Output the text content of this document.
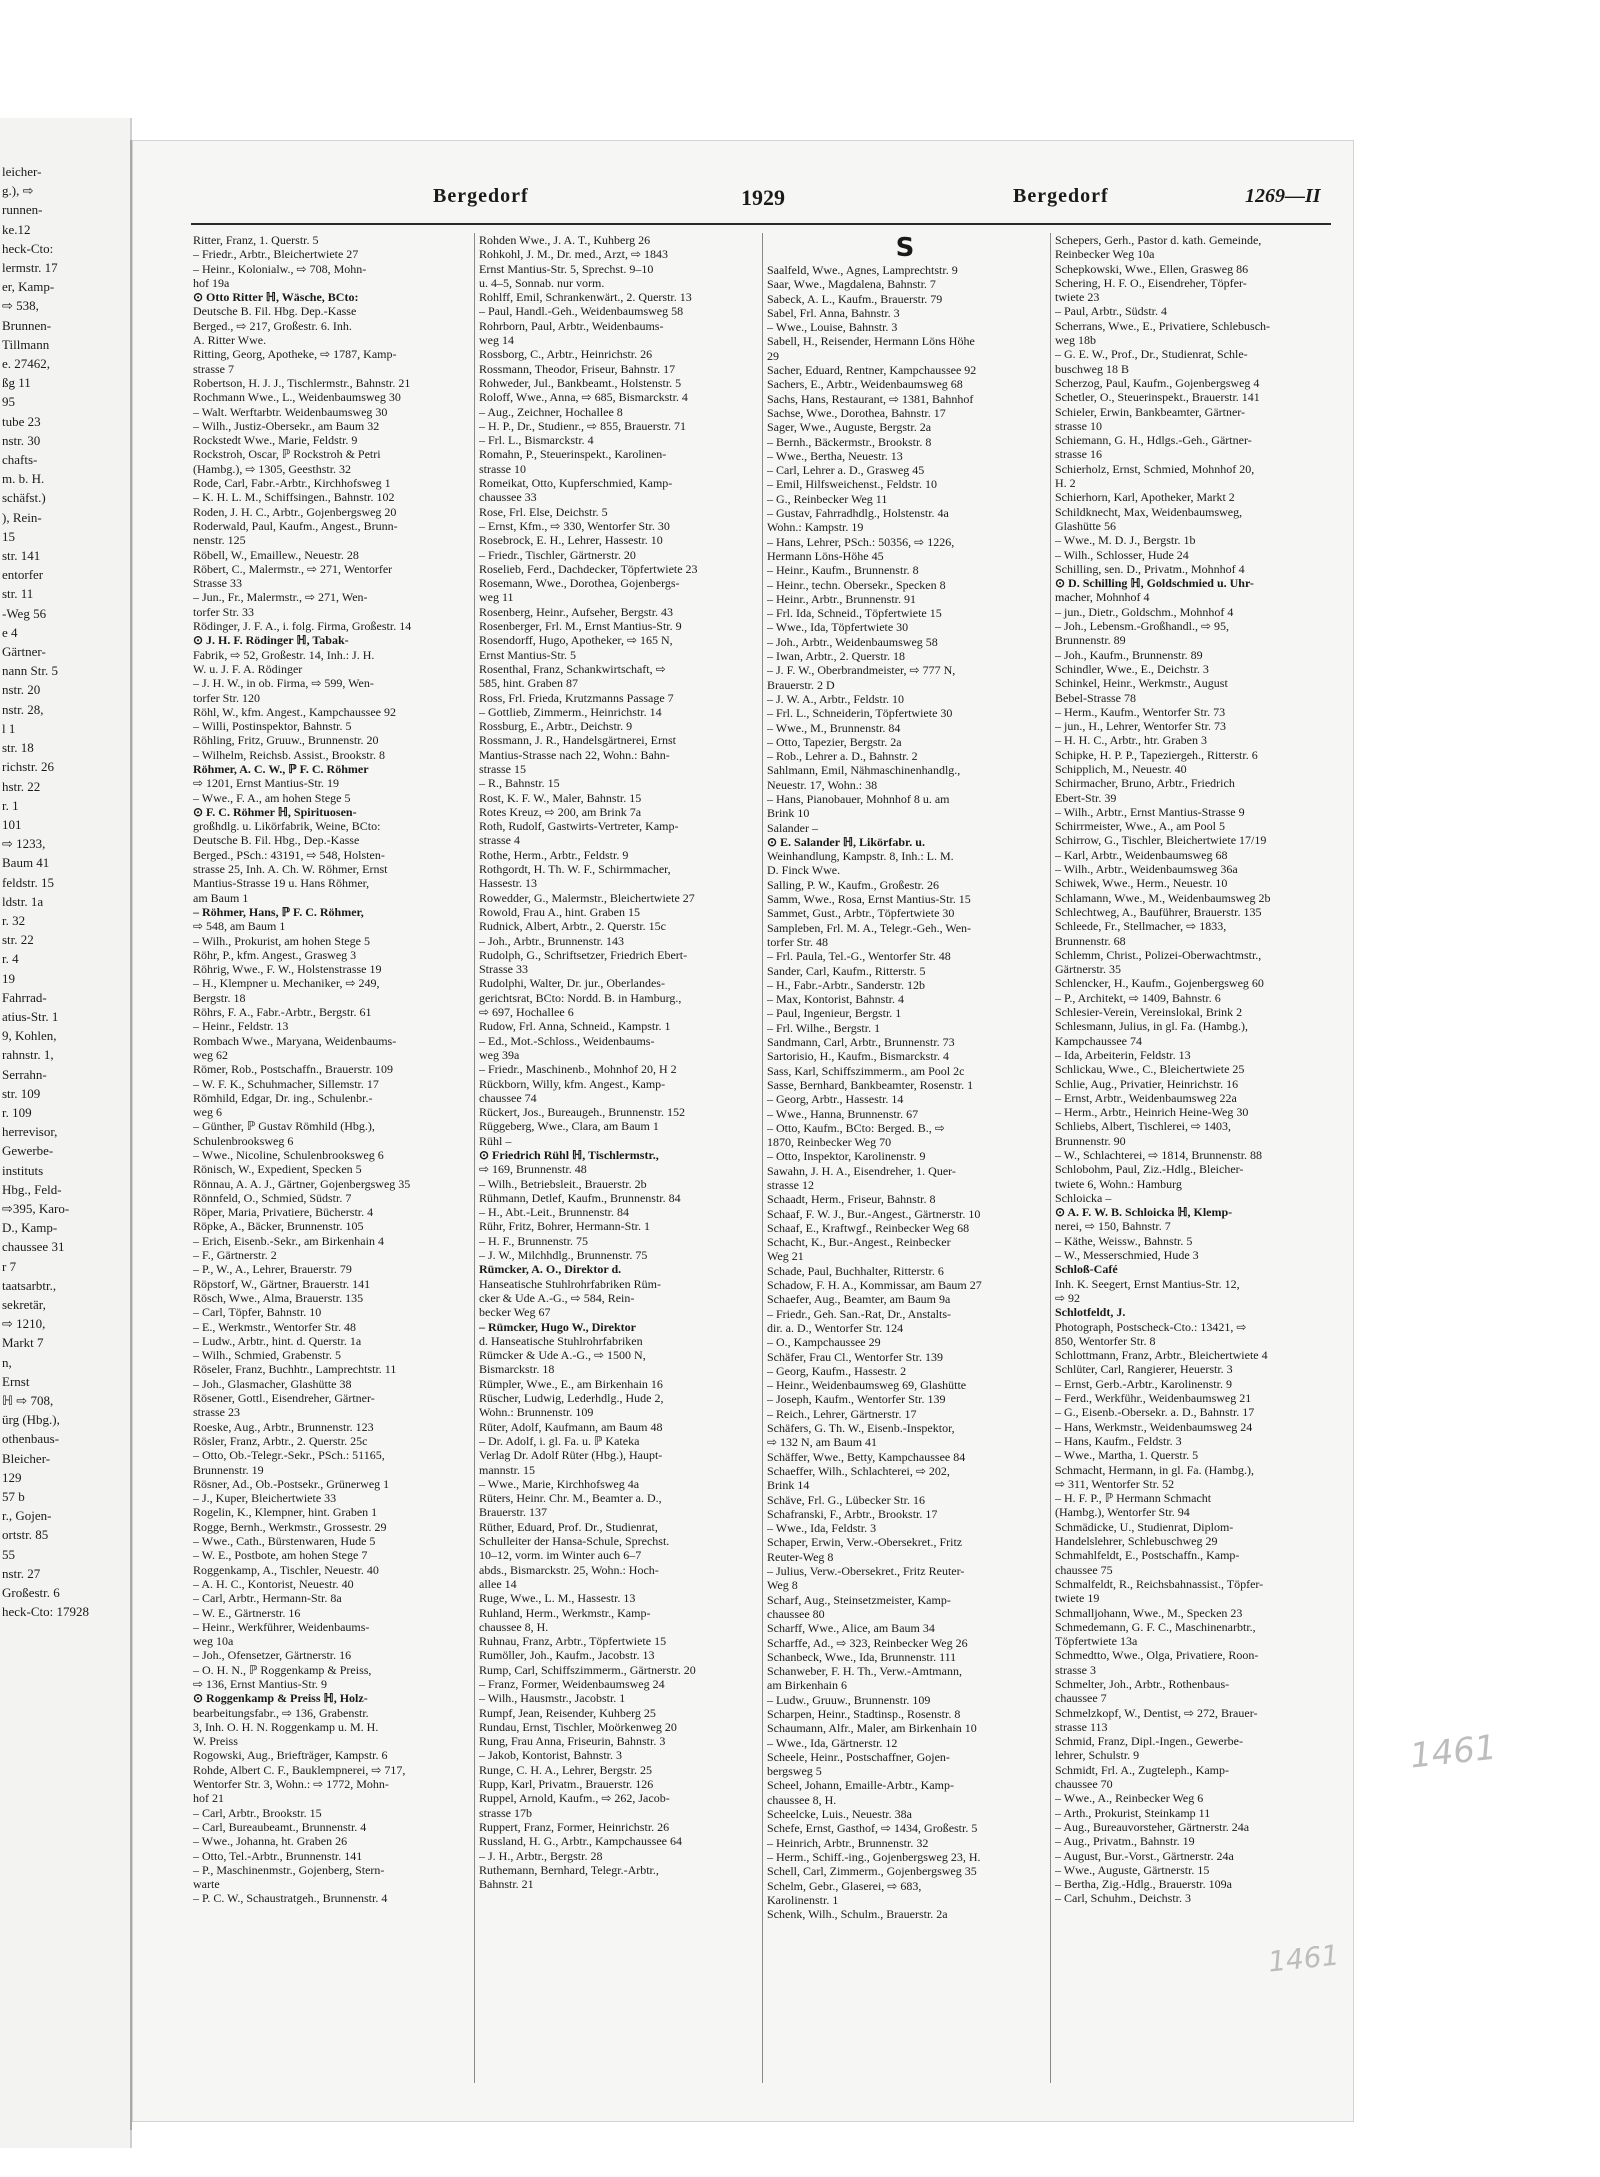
leicher-
g.), ⇨
runnen-
ke.12
heck-Cto:
lermstr. 17
er, Kamp-
⇨ 538,
Brunnen-
Tillmann
e. 27462,
ßg 11
95
tube 23
nstr. 30
chafts-
m. b. H.
schäfst.)
), Rein-
15
str. 141
entorfer
str. 11
-Weg 56
e 4
Gärtner-
nann Str. 5
nstr. 20
nstr. 28,
l 1
str. 18
richstr. 26
hstr. 22
r. 1
101
⇨ 1233,
Baum 41
feldstr. 15
ldstr. 1a
r. 32
str. 22
r. 4
19
Fahrrad-
atius-Str. 1
9, Kohlen,
rahnstr. 1,
Serrahn-
str. 109
r. 109
herrevisor,
Gewerbe-
instituts
Hbg., Feld-
⇨395, Karo-
D., Kamp-
chaussee 31
r 7
taatsarbtr.,
sekretär,
⇨ 1210,
Markt 7
n,
Ernst
ℍ ⇨ 708,
ürg (Hbg.),
othenbaus-
Bleicher-
129
57 b
r., Gojen-
ortstr. 85
55
nstr. 27
Großestr. 6
heck-Cto: 17928
Bergedorf	1929	Bergedorf	1269—II
Ritter, Franz, 1. Querstr. 5
– Friedr., Arbtr., Bleichertwiete 27
– Heinr., Kolonialw., ⇨ 708, Mohn-
hof 19a
⊙ Otto Ritter ℍ, Wäsche, BCto:
Deutsche B. Fil. Hbg. Dep.-Kasse
Berged., ⇨ 217, Großestr. 6. Inh.
A. Ritter Wwe.
Ritting, Georg, Apotheke, ⇨ 1787, Kamp-
strasse 7
Robertson, H. J. J., Tischlermstr., Bahnstr. 21
Rochmann Wwe., L., Weidenbaumsweg 30
– Walt. Werftarbtr. Weidenbaumsweg 30
– Wilh., Justiz-Obersekr., am Baum 32
Rockstedt Wwe., Marie, Feldstr. 9
Rockstroh, Oscar, ℙ Rockstroh & Petri
(Hambg.), ⇨ 1305, Geesthstr. 32
Rode, Carl, Fabr.-Arbtr., Kirchhofsweg 1
– K. H. L. M., Schiffsingen., Bahnstr. 102
Roden, J. H. C., Arbtr., Gojenbergsweg 20
Roderwald, Paul, Kaufm., Angest., Brunn-
nenstr. 125
Röbell, W., Emaillew., Neuestr. 28
Röbert, C., Malermstr., ⇨ 271, Wentorfer
Strasse 33
– Jun., Fr., Malermstr., ⇨ 271, Wen-
torfer Str. 33
Rödinger, J. F. A., i. folg. Firma, Großestr. 14
⊙ J. H. F. Rödinger ℍ, Tabak-
Fabrik, ⇨ 52, Großestr. 14, Inh.: J. H.
W. u. J. F. A. Rödinger
– J. H. W., in ob. Firma, ⇨ 599, Wen-
torfer Str. 120
Röhl, W., kfm. Angest., Kampchaussee 92
– Willi, Postinspektor, Bahnstr. 5
Röhling, Fritz, Gruuw., Brunnenstr. 20
– Wilhelm, Reichsb. Assist., Brookstr. 8
Röhmer, A. C. W., ℙ F. C. Röhmer
⇨ 1201, Ernst Mantius-Str. 19
– Wwe., F. A., am hohen Stege 5
⊙ F. C. Röhmer ℍ, Spirituosen-
großhdlg. u. Likörfabrik, Weine, BCto:
Deutsche B. Fil. Hbg., Dep.-Kasse
Berged., PSch.: 43191, ⇨ 548, Holsten-
strasse 25, Inh. A. Ch. W. Röhmer, Ernst
Mantius-Strasse 19 u. Hans Röhmer,
am Baum 1
– Röhmer, Hans, ℙ F. C. Röhmer,
⇨ 548, am Baum 1
– Wilh., Prokurist, am hohen Stege 5
Röhr, P., kfm. Angest., Grasweg 3
Röhrig, Wwe., F. W., Holstenstrasse 19
– H., Klempner u. Mechaniker, ⇨ 249,
Bergstr. 18
Röhrs, F. A., Fabr.-Arbtr., Bergstr. 61
– Heinr., Feldstr. 13
Rombach Wwe., Maryana, Weidenbaums-
weg 62
Römer, Rob., Postschaffn., Brauerstr. 109
– W. F. K., Schuhmacher, Sillemstr. 17
Römhild, Edgar, Dr. ing., Schulenbr.-
weg 6
– Günther, ℙ Gustav Römhild (Hbg.),
Schulenbrooksweg 6
– Wwe., Nicoline, Schulenbrooksweg 6
Rönisch, W., Expedient, Specken 5
Rönnau, A. A. J., Gärtner, Gojenbergsweg 35
Rönnfeld, O., Schmied, Südstr. 7
Röper, Maria, Privatiere, Bücherstr. 4
Röpke, A., Bäcker, Brunnenstr. 105
– Erich, Eisenb.-Sekr., am Birkenhain 4
– F., Gärtnerstr. 2
– P., W., A., Lehrer, Brauerstr. 79
Röpstorf, W., Gärtner, Brauerstr. 141
Rösch, Wwe., Alma, Brauerstr. 135
– Carl, Töpfer, Bahnstr. 10
– E., Werkmstr., Wentorfer Str. 48
– Ludw., Arbtr., hint. d. Querstr. 1a
– Wilh., Schmied, Grabenstr. 5
Röseler, Franz, Buchhtr., Lamprechtstr. 11
– Joh., Glasmacher, Glashütte 38
Rösener, Gottl., Eisendreher, Gärtner-
strasse 23
Roeske, Aug., Arbtr., Brunnenstr. 123
Rösler, Franz, Arbtr., 2. Querstr. 25c
– Otto, Ob.-Telegr.-Sekr., PSch.: 51165,
Brunnenstr. 19
Rösner, Ad., Ob.-Postsekr., Grünerweg 1
– J., Kuper, Bleichertwiete 33
Rogelin, K., Klempner, hint. Graben 1
Rogge, Bernh., Werkmstr., Grossestr. 29
– Wwe., Cath., Bürstenwaren, Hude 5
– W. E., Postbote, am hohen Stege 7
Roggenkamp, A., Tischler, Neuestr. 40
– A. H. C., Kontorist, Neuestr. 40
– Carl, Arbtr., Hermann-Str. 8a
– W. E., Gärtnerstr. 16
– Heinr., Werkführer, Weidenbaums-
weg 10a
– Joh., Ofensetzer, Gärtnerstr. 16
– O. H. N., ℙ Roggenkamp & Preiss,
⇨ 136, Ernst Mantius-Str. 9
⊙ Roggenkamp & Preiss ℍ, Holz-
bearbeitungsfabr., ⇨ 136, Grabenstr.
3, Inh. O. H. N. Roggenkamp u. M. H.
W. Preiss
Rogowski, Aug., Briefträger, Kampstr. 6
Rohde, Albert C. F., Bauklempnerei, ⇨ 717,
Wentorfer Str. 3, Wohn.: ⇨ 1772, Mohn-
hof 21
– Carl, Arbtr., Brookstr. 15
– Carl, Bureaubeamt., Brunnenstr. 4
– Wwe., Johanna, ht. Graben 26
– Otto, Tel.-Arbtr., Brunnenstr. 141
– P., Maschinenmstr., Gojenberg, Stern-
warte
– P. C. W., Schaustratgeh., Brunnenstr. 4
Rohden Wwe., J. A. T., Kuhberg 26
Rohkohl, J. M., Dr. med., Arzt, ⇨ 1843
Ernst Mantius-Str. 5, Sprechst. 9–10
u. 4–5, Sonnab. nur vorm.
Rohlff, Emil, Schrankenwärt., 2. Querstr. 13
– Paul, Handl.-Geh., Weidenbaumsweg 58
Rohrborn, Paul, Arbtr., Weidenbaums-
weg 14
Rossborg, C., Arbtr., Heinrichstr. 26
Rossmann, Theodor, Friseur, Bahnstr. 17
Rohweder, Jul., Bankbeamt., Holstenstr. 5
Roloff, Wwe., Anna, ⇨ 685, Bismarckstr. 4
– Aug., Zeichner, Hochallee 8
– H. P., Dr., Studienr., ⇨ 855, Brauerstr. 71
– Frl. L., Bismarckstr. 4
Romahn, P., Steuerinspekt., Karolinen-
strasse 10
Romeikat, Otto, Kupferschmied, Kamp-
chaussee 33
Rose, Frl. Else, Deichstr. 5
– Ernst, Kfm., ⇨ 330, Wentorfer Str. 30
Rosebrock, E. H., Lehrer, Hassestr. 10
– Friedr., Tischler, Gärtnerstr. 20
Roselieb, Ferd., Dachdecker, Töpfertwiete 23
Rosemann, Wwe., Dorothea, Gojenbergs-
weg 11
Rosenberg, Heinr., Aufseher, Bergstr. 43
Rosenberger, Frl. M., Ernst Mantius-Str. 9
Rosendorff, Hugo, Apotheker, ⇨ 165 N,
Ernst Mantius-Str. 5
Rosenthal, Franz, Schankwirtschaft, ⇨
585, hint. Graben 87
Ross, Frl. Frieda, Krutzmanns Passage 7
– Gottlieb, Zimmerm., Heinrichstr. 14
Rossburg, E., Arbtr., Deichstr. 9
Rossmann, J. R., Handelsgärtnerei, Ernst
Mantius-Strasse nach 22, Wohn.: Bahn-
strasse 15
– R., Bahnstr. 15
Rost, K. F. W., Maler, Bahnstr. 15
Rotes Kreuz, ⇨ 200, am Brink 7a
Roth, Rudolf, Gastwirts-Vertreter, Kamp-
strasse 4
Rothe, Herm., Arbtr., Feldstr. 9
Rothgordt, H. Th. W. F., Schirmmacher,
Hassestr. 13
Rowedder, G., Malermstr., Bleichertwiete 27
Rowold, Frau A., hint. Graben 15
Rudnick, Albert, Arbtr., 2. Querstr. 15c
– Joh., Arbtr., Brunnenstr. 143
Rudolph, G., Schriftsetzer, Friedrich Ebert-
Strasse 33
Rudolphi, Walter, Dr. jur., Oberlandes-
gerichtsrat, BCto: Nordd. B. in Hamburg.,
⇨ 697, Hochallee 6
Rudow, Frl. Anna, Schneid., Kampstr. 1
– Ed., Mot.-Schloss., Weidenbaums-
weg 39a
– Friedr., Maschinenb., Mohnhof 20, H 2
Rückborn, Willy, kfm. Angest., Kamp-
chaussee 74
Rückert, Jos., Bureaugeh., Brunnenstr. 152
Rüggeberg, Wwe., Clara, am Baum 1
Rühl –
⊙ Friedrich Rühl ℍ, Tischlermstr.,
⇨ 169, Brunnenstr. 48
– Wilh., Betriebsleit., Brauerstr. 2b
Rühmann, Detlef, Kaufm., Brunnenstr. 84
– H., Abt.-Leit., Brunnenstr. 84
Rühr, Fritz, Bohrer, Hermann-Str. 1
– H. F., Brunnenstr. 75
– J. W., Milchhdlg., Brunnenstr. 75
Rümcker, A. O., Direktor d.
Hanseatische Stuhlrohrfabriken Rüm-
cker & Ude A.-G., ⇨ 584, Rein-
becker Weg 67
– Rümcker, Hugo W., Direktor
d. Hanseatische Stuhlrohrfabriken
Rümcker & Ude A.-G., ⇨ 1500 N,
Bismarckstr. 18
Rümpler, Wwe., E., am Birkenhain 16
Rüscher, Ludwig, Lederhdlg., Hude 2,
Wohn.: Brunnenstr. 109
Rüter, Adolf, Kaufmann, am Baum 48
– Dr. Adolf, i. gl. Fa. u. ℙ Kateka
Verlag Dr. Adolf Rüter (Hbg.), Haupt-
mannstr. 15
– Wwe., Marie, Kirchhofsweg 4a
Rüters, Heinr. Chr. M., Beamter a. D.,
Brauerstr. 137
Rüther, Eduard, Prof. Dr., Studienrat,
Schulleiter der Hansa-Schule, Sprechst.
10–12, vorm. im Winter auch 6–7
abds., Bismarckstr. 25, Wohn.: Hoch-
allee 14
Ruge, Wwe., L. M., Hassestr. 13
Ruhland, Herm., Werkmstr., Kamp-
chaussee 8, H.
Ruhnau, Franz, Arbtr., Töpfertwiete 15
Rumöller, Joh., Kaufm., Jacobstr. 13
Rump, Carl, Schiffszimmerm., Gärtnerstr. 20
– Franz, Former, Weidenbaumsweg 24
– Wilh., Hausmstr., Jacobstr. 1
Rumpf, Jean, Reisender, Kuhberg 25
Rundau, Ernst, Tischler, Moörkenweg 20
Rung, Frau Anna, Friseurin, Bahnstr. 3
– Jakob, Kontorist, Bahnstr. 3
Runge, C. H. A., Lehrer, Bergstr. 25
Rupp, Karl, Privatm., Brauerstr. 126
Ruppel, Arnold, Kaufm., ⇨ 262, Jacob-
strasse 17b
Ruppert, Franz, Former, Heinrichstr. 26
Russland, H. G., Arbtr., Kampchaussee 64
– J. H., Arbtr., Bergstr. 28
Ruthemann, Bernhard, Telegr.-Arbtr.,
Bahnstr. 21
S
Saalfeld, Wwe., Agnes, Lamprechtstr. 9
Saar, Wwe., Magdalena, Bahnstr. 7
Sabeck, A. L., Kaufm., Brauerstr. 79
Sabel, Frl. Anna, Bahnstr. 3
– Wwe., Louise, Bahnstr. 3
Sabell, H., Reisender, Hermann Löns Höhe
29
Sacher, Eduard, Rentner, Kampchaussee 92
Sachers, E., Arbtr., Weidenbaumsweg 68
Sachs, Hans, Restaurant, ⇨ 1381, Bahnhof
Sachse, Wwe., Dorothea, Bahnstr. 17
Sager, Wwe., Auguste, Bergstr. 2a
– Bernh., Bäckermstr., Brookstr. 8
– Wwe., Bertha, Neuestr. 13
– Carl, Lehrer a. D., Grasweg 45
– Emil, Hilfsweichenst., Feldstr. 10
– G., Reinbecker Weg 11
– Gustav, Fahrradhdlg., Holstenstr. 4a
Wohn.: Kampstr. 19
– Hans, Lehrer, PSch.: 50356, ⇨ 1226,
Hermann Löns-Höhe 45
– Heinr., Kaufm., Brunnenstr. 8
– Heinr., techn. Obersekr., Specken 8
– Heinr., Arbtr., Brunnenstr. 91
– Frl. Ida, Schneid., Töpfertwiete 15
– Wwe., Ida, Töpfertwiete 30
– Joh., Arbtr., Weidenbaumsweg 58
– Iwan, Arbtr., 2. Querstr. 18
– J. F. W., Oberbrandmeister, ⇨ 777 N,
Brauerstr. 2 D
– J. W. A., Arbtr., Feldstr. 10
– Frl. L., Schneiderin, Töpfertwiete 30
– Wwe., M., Brunnenstr. 84
– Otto, Tapezier, Bergstr. 2a
– Rob., Lehrer a. D., Bahnstr. 2
Sahlmann, Emil, Nähmaschinenhandlg.,
Neuestr. 17, Wohn.: 38
– Hans, Pianobauer, Mohnhof 8 u. am
Brink 10
Salander –
⊙ E. Salander ℍ, Likörfabr. u.
Weinhandlung, Kampstr. 8, Inh.: L. M.
D. Finck Wwe.
Salling, P. W., Kaufm., Großestr. 26
Samm, Wwe., Rosa, Ernst Mantius-Str. 15
Sammet, Gust., Arbtr., Töpfertwiete 30
Sampleben, Frl. M. A., Telegr.-Geh., Wen-
torfer Str. 48
– Frl. Paula, Tel.-G., Wentorfer Str. 48
Sander, Carl, Kaufm., Ritterstr. 5
– H., Fabr.-Arbtr., Sanderstr. 12b
– Max, Kontorist, Bahnstr. 4
– Paul, Ingenieur, Bergstr. 1
– Frl. Wilhe., Bergstr. 1
Sandmann, Carl, Arbtr., Brunnenstr. 73
Sartorisio, H., Kaufm., Bismarckstr. 4
Sass, Karl, Schiffszimmerm., am Pool 2c
Sasse, Bernhard, Bankbeamter, Rosenstr. 1
– Georg, Arbtr., Hassestr. 14
– Wwe., Hanna, Brunnenstr. 67
– Otto, Kaufm., BCto: Berged. B., ⇨
1870, Reinbecker Weg 70
– Otto, Inspektor, Karolinenstr. 9
Sawahn, J. H. A., Eisendreher, 1. Quer-
strasse 12
Schaadt, Herm., Friseur, Bahnstr. 8
Schaaf, F. W. J., Bur.-Angest., Gärtnerstr. 10
Schaaf, E., Kraftwgf., Reinbecker Weg 68
Schacht, K., Bur.-Angest., Reinbecker
Weg 21
Schade, Paul, Buchhalter, Ritterstr. 6
Schadow, F. H. A., Kommissar, am Baum 27
Schaefer, Aug., Beamter, am Baum 9a
– Friedr., Geh. San.-Rat, Dr., Anstalts-
dir. a. D., Wentorfer Str. 124
– O., Kampchaussee 29
Schäfer, Frau Cl., Wentorfer Str. 139
– Georg, Kaufm., Hassestr. 2
– Heinr., Weidenbaumsweg 69, Glashütte
– Joseph, Kaufm., Wentorfer Str. 139
– Reich., Lehrer, Gärtnerstr. 17
Schäfers, G. Th. W., Eisenb.-Inspektor,
⇨ 132 N, am Baum 41
Schäffer, Wwe., Betty, Kampchaussee 84
Schaeffer, Wilh., Schlachterei, ⇨ 202,
Brink 14
Schäve, Frl. G., Lübecker Str. 16
Schafranski, F., Arbtr., Brookstr. 17
– Wwe., Ida, Feldstr. 3
Schaper, Erwin, Verw.-Obersekret., Fritz
Reuter-Weg 8
– Julius, Verw.-Obersekret., Fritz Reuter-
Weg 8
Scharf, Aug., Steinsetzmeister, Kamp-
chaussee 80
Scharff, Wwe., Alice, am Baum 34
Scharffe, Ad., ⇨ 323, Reinbecker Weg 26
Schanbeck, Wwe., Ida, Brunnenstr. 111
Schanweber, F. H. Th., Verw.-Amtmann,
am Birkenhain 6
– Ludw., Gruuw., Brunnenstr. 109
Scharpen, Heinr., Stadtinsp., Rosenstr. 8
Schaumann, Alfr., Maler, am Birkenhain 10
– Wwe., Ida, Gärtnerstr. 12
Scheele, Heinr., Postschaffner, Gojen-
bergsweg 5
Scheel, Johann, Emaille-Arbtr., Kamp-
chaussee 8, H.
Scheelcke, Luis., Neuestr. 38a
Schefe, Ernst, Gasthof, ⇨ 1434, Großestr. 5
– Heinrich, Arbtr., Brunnenstr. 32
– Herm., Schiff.-ing., Gojenbergsweg 23, H.
Schell, Carl, Zimmerm., Gojenbergsweg 35
Schelm, Gebr., Glaserei, ⇨ 683,
Karolinenstr. 1
Schenk, Wilh., Schulm., Brauerstr. 2a
Schepers, Gerh., Pastor d. kath. Gemeinde,
Reinbecker Weg 10a
Schepkowski, Wwe., Ellen, Grasweg 86
Schering, H. F. O., Eisendreher, Töpfer-
twiete 23
– Paul, Arbtr., Südstr. 4
Scherrans, Wwe., E., Privatiere, Schlebusch-
weg 18b
– G. E. W., Prof., Dr., Studienrat, Schle-
buschweg 18 B
Scherzog, Paul, Kaufm., Gojenbergsweg 4
Schetler, O., Steuerinspekt., Brauerstr. 141
Schieler, Erwin, Bankbeamter, Gärtner-
strasse 10
Schiemann, G. H., Hdlgs.-Geh., Gärtner-
strasse 16
Schierholz, Ernst, Schmied, Mohnhof 20,
H. 2
Schierhorn, Karl, Apotheker, Markt 2
Schildknecht, Max, Weidenbaumsweg,
Glashütte 56
– Wwe., M. D. J., Bergstr. 1b
– Wilh., Schlosser, Hude 24
Schilling, sen. D., Privatm., Mohnhof 4
⊙ D. Schilling ℍ, Goldschmied u. Uhr-
macher, Mohnhof 4
– jun., Dietr., Goldschm., Mohnhof 4
– Joh., Lebensm.-Großhandl., ⇨ 95,
Brunnenstr. 89
– Joh., Kaufm., Brunnenstr. 89
Schindler, Wwe., E., Deichstr. 3
Schinkel, Heinr., Werkmstr., August
Bebel-Strasse 78
– Herm., Kaufm., Wentorfer Str. 73
– jun., H., Lehrer, Wentorfer Str. 73
– H. H. C., Arbtr., htr. Graben 3
Schipke, H. P. P., Tapeziergeh., Ritterstr. 6
Schipplich, M., Neuestr. 40
Schirmacher, Bruno, Arbtr., Friedrich
Ebert-Str. 39
– Wilh., Arbtr., Ernst Mantius-Strasse 9
Schirrmeister, Wwe., A., am Pool 5
Schirrow, G., Tischler, Bleichertwiete 17/19
– Karl, Arbtr., Weidenbaumsweg 68
– Wilh., Arbtr., Weidenbaumsweg 36a
Schiwek, Wwe., Herm., Neuestr. 10
Schlamann, Wwe., M., Weidenbaumsweg 2b
Schlechtweg, A., Bauführer, Brauerstr. 135
Schleede, Fr., Stellmacher, ⇨ 1833,
Brunnenstr. 68
Schlemm, Christ., Polizei-Oberwachtmstr.,
Gärtnerstr. 35
Schlencker, H., Kaufm., Gojenbergsweg 60
– P., Architekt, ⇨ 1409, Bahnstr. 6
Schlesier-Verein, Vereinslokal, Brink 2
Schlesmann, Julius, in gl. Fa. (Hambg.),
Kampchaussee 74
– Ida, Arbeiterin, Feldstr. 13
Schlickau, Wwe., C., Bleichertwiete 25
Schlie, Aug., Privatier, Heinrichstr. 16
– Ernst, Arbtr., Weidenbaumsweg 22a
– Herm., Arbtr., Heinrich Heine-Weg 30
Schliebs, Albert, Tischlerei, ⇨ 1403,
Brunnenstr. 90
– W., Schlachterei, ⇨ 1814, Brunnenstr. 88
Schlobohm, Paul, Ziz.-Hdlg., Bleicher-
twiete 6, Wohn.: Hamburg
Schloicka –
⊙ A. F. W. B. Schloicka ℍ, Klemp-
nerei, ⇨ 150, Bahnstr. 7
– Käthe, Weissw., Bahnstr. 5
– W., Messerschmied, Hude 3
Schloß-Café
Inh. K. Seegert, Ernst Mantius-Str. 12,
⇨ 92
Schlotfeldt, J.
Photograph, Postscheck-Cto.: 13421, ⇨
850, Wentorfer Str. 8
Schlottmann, Franz, Arbtr., Bleichertwiete 4
Schlüter, Carl, Rangierer, Heuerstr. 3
– Ernst, Gerb.-Arbtr., Karolinenstr. 9
– Ferd., Werkführ., Weidenbaumsweg 21
– G., Eisenb.-Obersekr. a. D., Bahnstr. 17
– Hans, Werkmstr., Weidenbaumsweg 24
– Hans, Kaufm., Feldstr. 3
– Wwe., Martha, 1. Querstr. 5
Schmacht, Hermann, in gl. Fa. (Hambg.),
⇨ 311, Wentorfer Str. 52
– H. F. P., ℙ Hermann Schmacht
(Hambg.), Wentorfer Str. 94
Schmädicke, U., Studienrat, Diplom-
Handelslehrer, Schlebuschweg 29
Schmahlfeldt, E., Postschaffn., Kamp-
chaussee 75
Schmalfeldt, R., Reichsbahnassist., Töpfer-
twiete 19
Schmalljohann, Wwe., M., Specken 23
Schmedemann, G. F. C., Maschinenarbtr.,
Töpfertwiete 13a
Schmedtto, Wwe., Olga, Privatiere, Roon-
strasse 3
Schmelter, Joh., Arbtr., Rothenbaus-
chaussee 7
Schmelzkopf, W., Dentist, ⇨ 272, Brauer-
strasse 113
Schmid, Franz, Dipl.-Ingen., Gewerbe-
lehrer, Schulstr. 9
Schmidt, Frl. A., Zugteleph., Kamp-
chaussee 70
– Wwe., A., Reinbecker Weg 6
– Arth., Prokurist, Steinkamp 11
– Aug., Bureauvorsteher, Gärtnerstr. 24a
– Aug., Privatm., Bahnstr. 19
– August, Bur.-Vorst., Gärtnerstr. 24a
– Wwe., Auguste, Gärtnerstr. 15
– Bertha, Zig.-Hdlg., Brauerstr. 109a
– Carl, Schuhm., Deichstr. 3
1461
1461
